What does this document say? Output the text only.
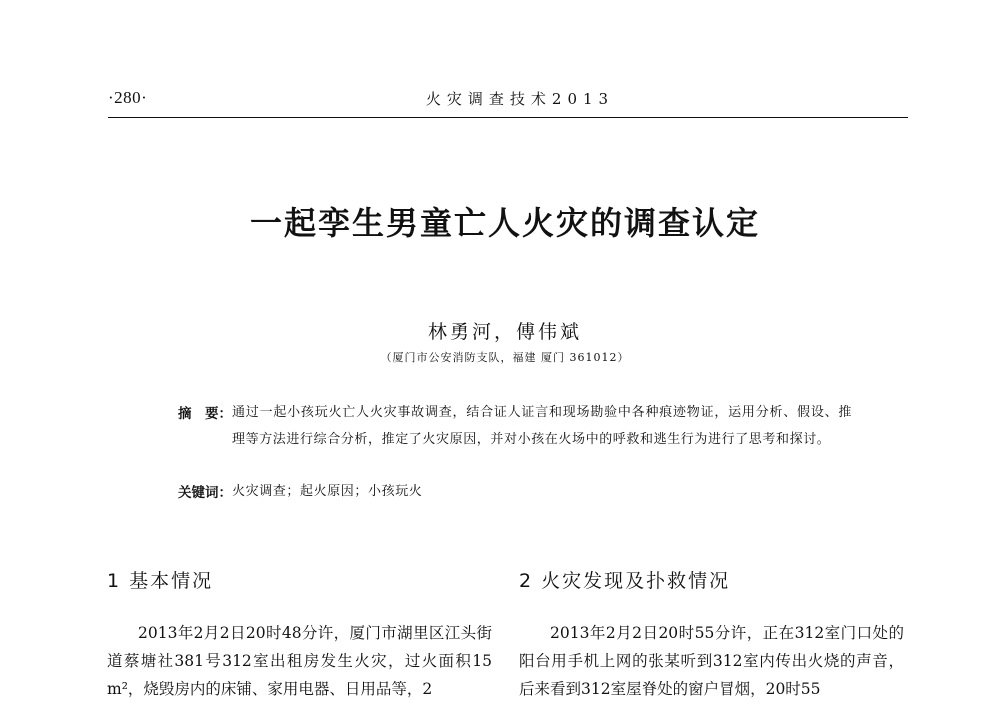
·280·	火灾调查技术2013
一起孪生男童亡人火灾的调查认定
林勇河，傅伟斌
（厦门市公安消防支队，福建 厦门 361012）
摘　要： 通过一起小孩玩火亡人火灾事故调查，结合证人证言和现场勘验中各种痕迹物证，运用分析、假设、推理等方法进行综合分析，推定了火灾原因，并对小孩在火场中的呼救和逃生行为进行了思考和探讨。
关键词： 火灾调查；起火原因；小孩玩火
1 基本情况
2013年2月2日20时48分许，厦门市湖里区江头街道蔡塘社381号312室出租房发生火灾，过火面积15 m²，烧毁房内的床铺、家用电器、日用品等，2
2 火灾发现及扑救情况
2013年2月2日20时55分许，正在312室门口处的阳台用手机上网的张某听到312室内传出火烧的声音，后来看到312室屋脊处的窗户冒烟，20时55
